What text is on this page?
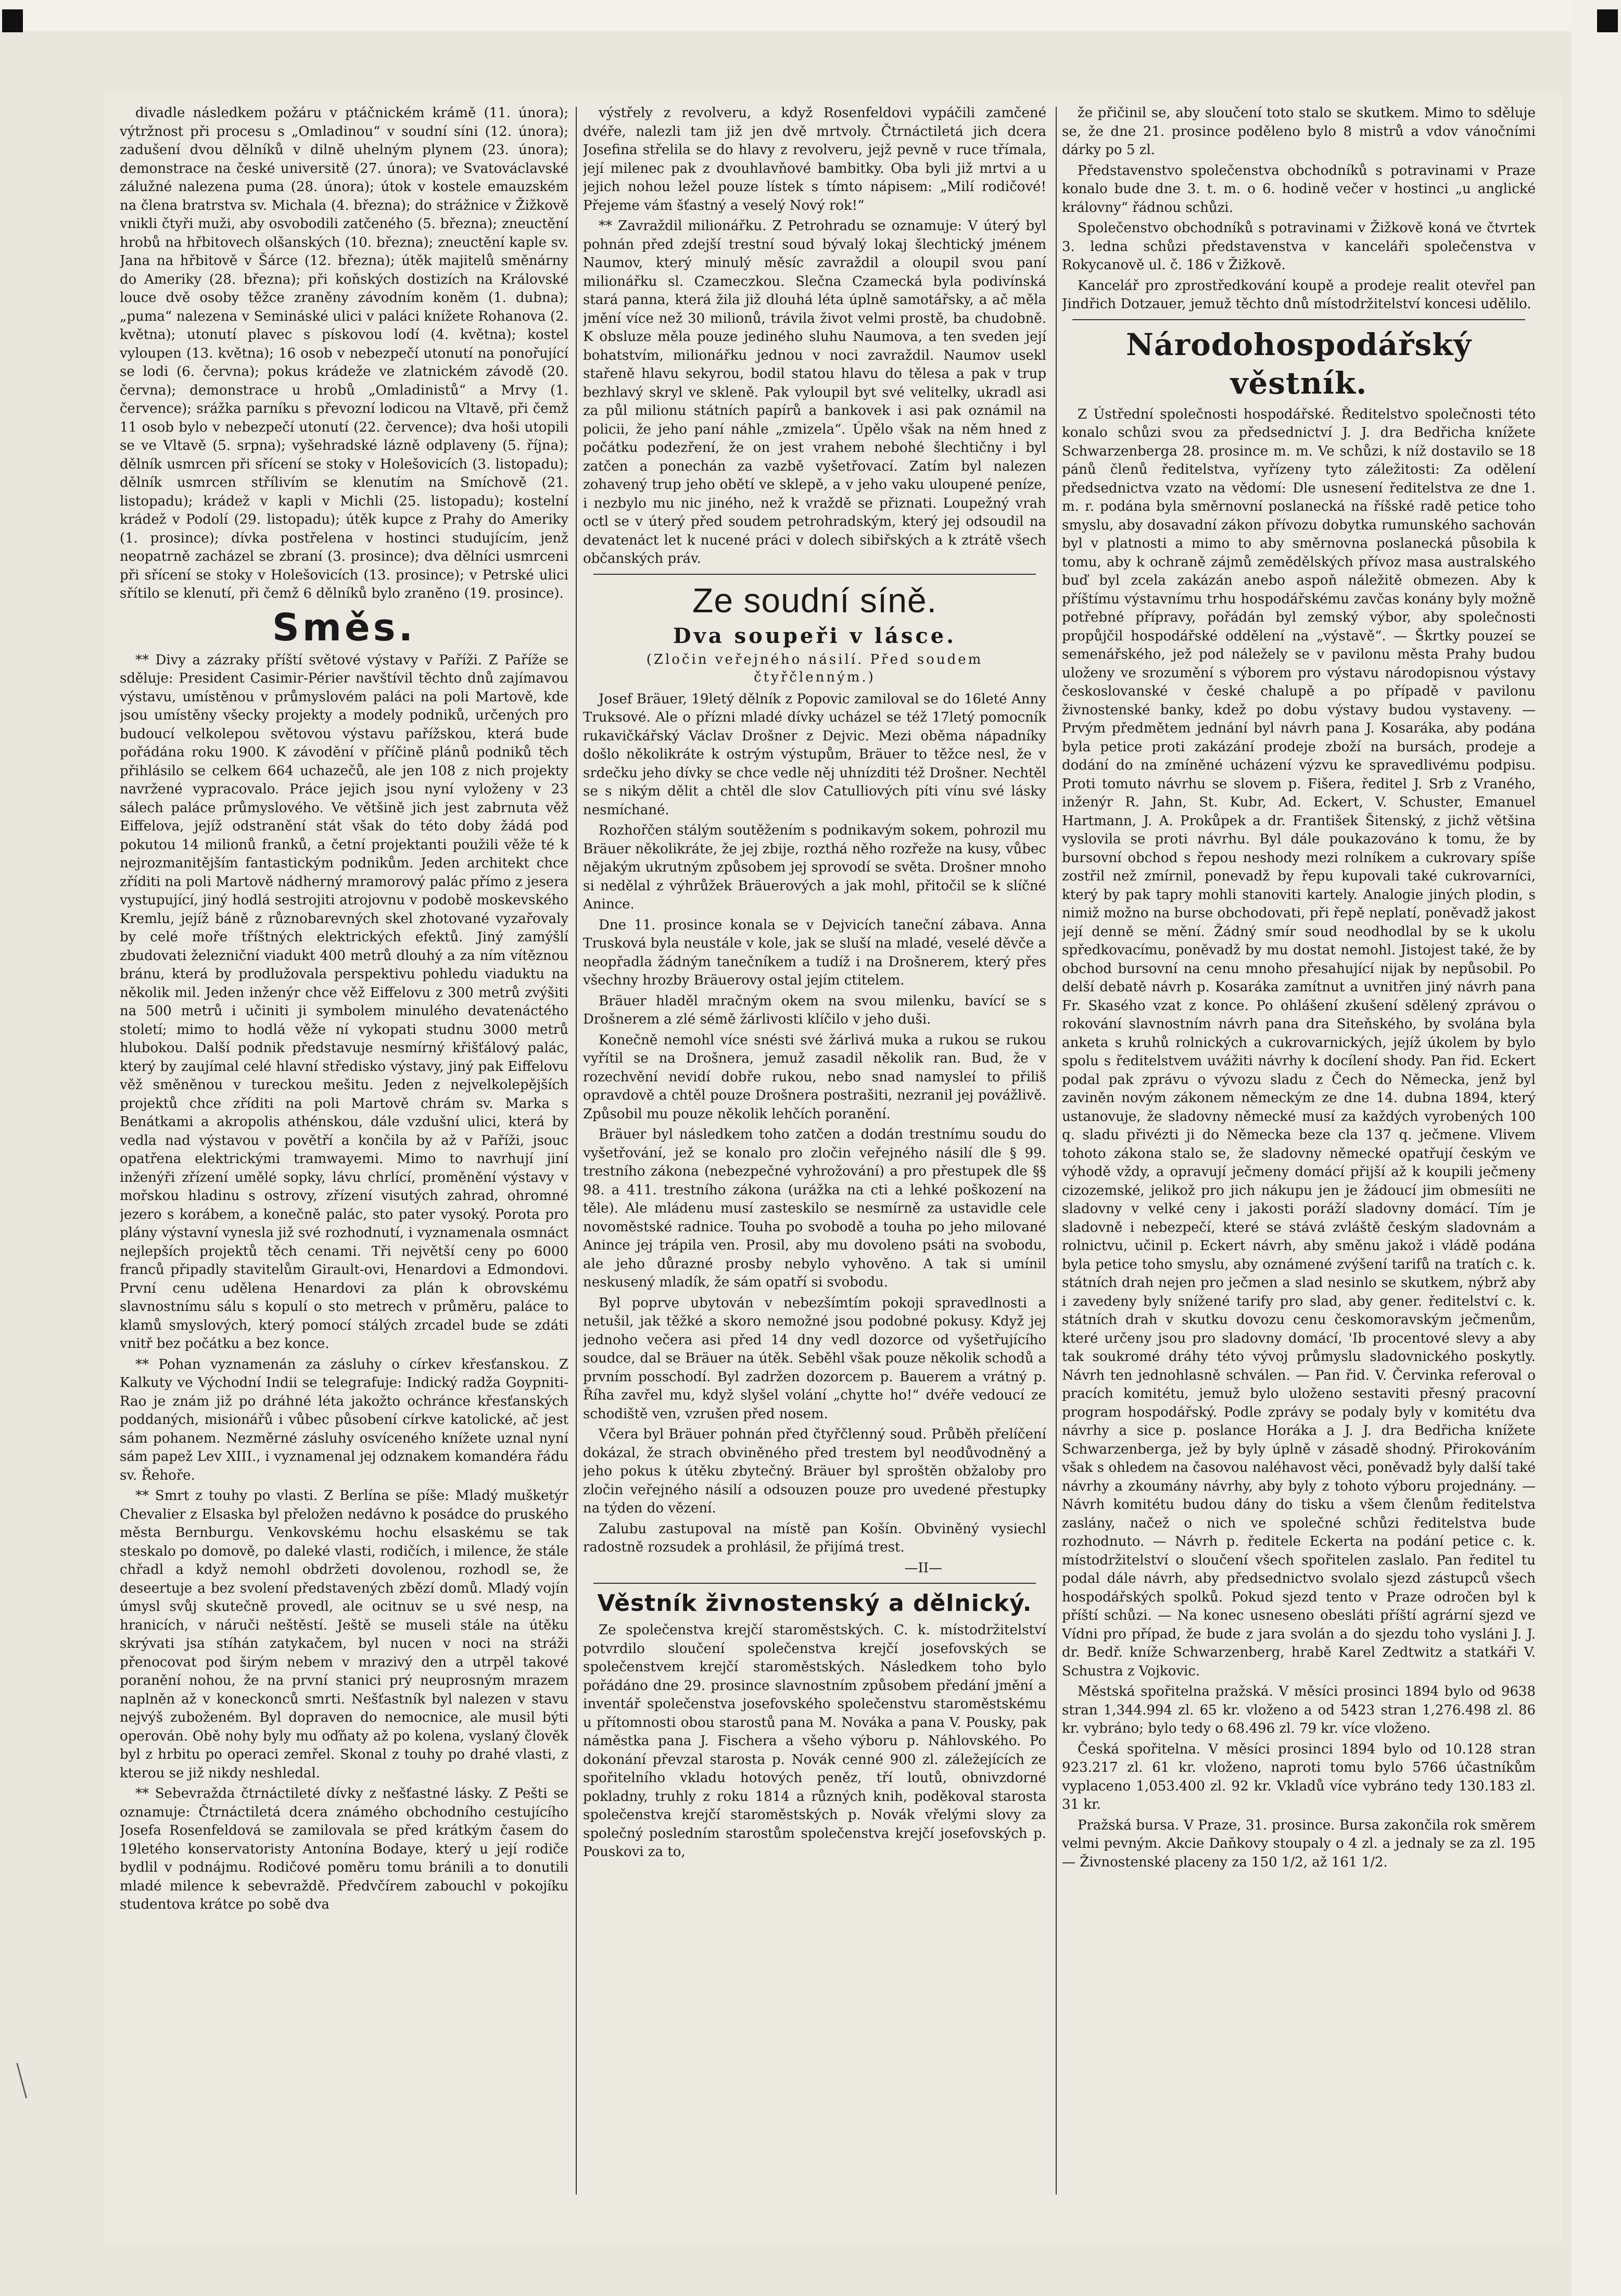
divadle následkem požáru v ptáčnickém krámě (11. února); výtržnost při procesu s „Omladinou“ v soudní síni (12. února); zadušení dvou dělníků v dilně uhelným plynem (23. února); demonstrace na české universitě (27. února); ve Svatováclavské zálužné nalezena puma (28. února); útok v kostele emauzském na člena bratrstva sv. Michala (4. března); do strážnice v Žižkově vnikli čtyři muži, aby osvobodili zatčeného (5. března); zneuctění hrobů na hřbitovech olšanských (10. března); zneuctění kaple sv. Jana na hřbitově v Šárce (12. března); útěk majitelů směnárny do Ameriky (28. března); při koňských dostizích na Královské louce dvě osoby těžce zraněny závodním koněm (1. dubna); „puma“ nalezena v Semináské ulici v paláci knížete Rohanova (2. května); utonutí plavec s pískovou lodí (4. května); kostel vyloupen (13. května); 16 osob v nebezpečí utonutí na ponořující se lodi (6. června); pokus krádeže ve zlatnickém závodě (20. června); demonstrace u hrobů „Omladinistů“ a Mrvy (1. července); srážka parníku s převozní lodicou na Vltavě, při čemž 11 osob bylo v nebezpečí utonutí (22. července); dva hoši utopili se ve Vltavě (5. srpna); vyšehradské lázně odplaveny (5. října); dělník usmrcen při sřícení se stoky v Holešovicích (3. listopadu); dělník usmrcen střílivím se klenutím na Smíchově (21. listopadu); krádež v kapli v Michli (25. listopadu); kostelní krádež v Podolí (29. listopadu); útěk kupce z Prahy do Ameriky (1. prosince); dívka postřelena v hostinci studujícím, jenž neopatrně zacházel se zbraní (3. prosince); dva dělníci usmrceni při sřícení se stoky v Holešovicích (13. prosince); v Petrské ulici sřítilo se klenutí, při čemž 6 dělníků bylo zraněno (19. prosince).

Směs.

** Divy a zázraky příští světové výstavy v Paříži. Z Paříže se sděluje: President Casimir-Périer navštívil těchto dnů zajímavou výstavu, umístěnou v průmyslovém paláci na poli Martově, kde jsou umístěny všecky projekty a modely podniků, určených pro budoucí velkolepou světovou výstavu pařížskou, která bude pořádána roku 1900. K závodění v příčině plánů podniků těch přihlásilo se celkem 664 uchazečů, ale jen 108 z nich projekty navržené vypracovalo. Práce jejich jsou nyní vyloženy v 23 sálech paláce průmyslového. Ve většině jich jest zabrnuta věž Eiffelova, jejíž odstranění stát však do této doby žádá pod pokutou 14 milionů franků, a četní projektanti použili věže té k nejrozmanitějším fantastickým podnikům. Jeden architekt chce zříditi na poli Martově nádherný mramorový palác přímo z jesera vystupující, jiný hodlá sestrojiti atrojovnu v podobě moskevského Kremlu, jejíž báně z různobarevných skel zhotované vyzařovaly by celé moře tříštných elektrických efektů. Jiný zamýšlí zbudovati železniční viadukt 400 metrů dlouhý a za ním vítěznou bránu, která by prodlužovala perspektivu pohledu viaduktu na několik mil. Jeden inženýr chce věž Eiffelovu z 300 metrů zvýšiti na 500 metrů i učiniti ji symbolem minulého devatenáctého století; mimo to hodlá věže ní vykopati studnu 3000 metrů hlubokou. Další podnik představuje nesmírný křišťálový palác, který by zaujímal celé hlavní středisko výstavy, jiný pak Eiffelovu věž směněnou v tureckou mešitu. Jeden z nejvelkolepějších projektů chce zříditi na poli Martově chrám sv. Marka s Benátkami a akropolis athénskou, dále vzdušní ulici, která by vedla nad výstavou v povětří a končila by až v Paříži, jsouc opatřena elektrickými tramwayemi. Mimo to navrhují jiní inženýři zřízení umělé sopky, lávu chrlící, proměnění výstavy v mořskou hladinu s ostrovy, zřízení visutých zahrad, ohromné jezero s korábem, a konečně palác, sto pater vysoký. Porota pro plány výstavní vynesla již své rozhodnutí, i vyznamenala osmnáct nejlepších projektů těch cenami. Tři největší ceny po 6000 franců připadly stavitelům Girault-ovi, Henardovi a Edmondovi. První cenu udělena Henardovi za plán k obrovskému slavnostnímu sálu s kopulí o sto metrech v průměru, paláce to klamů smyslových, který pomocí stálých zrcadel bude se zdáti vnitř bez počátku a bez konce.

** Pohan vyznamenán za zásluhy o církev křesťanskou. Z Kalkuty ve Východní Indii se telegrafuje: Indický radža Goypniti-Rao je znám již po dráhné léta jakožto ochránce křesťanských poddaných, misionářů i vůbec působení církve katolické, ač jest sám pohanem. Nezměrné zásluhy osvíceného knížete uznal nyní sám papež Lev XIII., i vyznamenal jej odznakem komandéra řádu sv. Řehoře.

** Smrt z touhy po vlasti. Z Berlína se píše: Mladý mušketýr Chevalier z Elsaska byl přeložen nedávno k posádce do pruského města Bernburgu. Venkovskému hochu elsaskému se tak steskalo po domově, po daleké vlasti, rodičích, i milence, že stále chřadl a když nemohl obdržeti dovolenou, rozhodl se, že deseertuje a bez svolení představených zbězí domů. Mladý vojín úmysl svůj skutečně provedl, ale ocitnuv se u své nesp, na hranicích, v náruči neštěstí. Ještě se museli stále na útěku skrývati jsa stíhán zatykačem, byl nucen v noci na stráži přenocovat pod širým nebem v mrazivý den a utrpěl takové poranění nohou, že na první stanici prý neuprosným mrazem naplněn až v koneckonců smrti. Nešťastník byl nalezen v stavu nejvýš zuboženém. Byl dopraven do nemocnice, ale musil býti operován. Obě nohy byly mu oďňaty až po kolena, vyslaný člověk byl z hrbitu po operaci zemřel. Skonal z touhy po drahé vlasti, z kterou se již nikdy neshledal.

** Sebevražda čtrnáctileté dívky z nešťastné lásky. Z Pešti se oznamuje: Čtrnáctiletá dcera známého obchodního cestujícího Josefa Rosenfeldová se zamilovala se před krátkým časem do 19letého konservatoristy Antonína Bodaye, který u její rodiče bydlil v podnájmu. Rodičové poměru tomu bránili a to donutili mladé milence k sebevraždě. Předvčírem zabouchl v pokojíku studentova krátce po sobě dva

výstřely z revolveru, a když Rosenfeldovi vypáčili zamčené dvéře, nalezli tam již jen dvě mrtvoly. Čtrnáctiletá jich dcera Josefina střelila se do hlavy z revolveru, jejž pevně v ruce třímala, její milenec pak z dvouhlavňové bambitky. Oba byli již mrtvi a u jejich nohou ležel pouze lístek s tímto nápisem: „Milí rodičové! Přejeme vám šťastný a veselý Nový rok!“

** Zavraždil milionářku. Z Petrohradu se oznamuje: V úterý byl pohnán před zdejší trestní soud bývalý lokaj šlechtický jménem Naumov, který minulý měsíc zavraždil a oloupil svou paní milionářku sl. Czameczkou. Slečna Czamecká byla podivínská stará panna, která žila již dlouhá léta úplně samotářsky, a ač měla jmění více než 30 milionů, trávila život velmi prostě, ba chudobně. K obsluze měla pouze jediného sluhu Naumova, a ten sveden její bohatstvím, milionářku jednou v noci zavraždil. Naumov usekl stařeně hlavu sekyrou, bodil statou hlavu do tělesa a pak v trup bezhlavý skryl ve skleně. Pak vyloupil byt své velitelky, ukradl asi za půl milionu státních papírů a bankovek i asi pak oznámil na policii, že jeho paní náhle „zmizela“. Úpělo však na něm hned z počátku podezření, že on jest vrahem nebohé šlechtičny i byl zatčen a ponechán za vazbě vyšetřovací. Zatím byl nalezen zohavený trup jeho obětí ve sklepě, a v jeho vaku uloupené peníze, i nezbylo mu nic jiného, než k vraždě se přiznati. Loupežný vrah octl se v úterý před soudem petrohradským, který jej odsoudil na devatenáct let k nucené práci v dolech sibiřských a k ztrátě všech občanských práv.

Ze soudní síně.
Dva soupeři v lásce.
(Zločin veřejného násilí. Před soudem čtyřčlenným.)

Josef Bräuer, 19letý dělník z Popovic zamiloval se do 16leté Anny Truksové. Ale o přízni mladé dívky ucházel se též 17letý pomocník rukavičkářský Václav Drošner z Dejvic. Mezi oběma nápadníky došlo několikráte k ostrým výstupům, Bräuer to těžce nesl, že v srdečku jeho dívky se chce vedle něj uhnízditi též Drošner. Nechtěl se s nikým dělit a chtěl dle slov Catulliových píti vínu své lásky nesmíchané.

Rozhořčen stálým soutěžením s podnikavým sokem, pohrozil mu Bräuer několikráte, že jej zbije, rozthá něho rozřeže na kusy, vůbec nějakým ukrutným způsobem jej sprovodí se světa. Drošner mnoho si nedělal z výhrůžek Bräuerových a jak mohl, přitočil se k slíčné Anince.

Dne 11. prosince konala se v Dejvicích taneční zábava. Anna Trusková byla neustále v kole, jak se sluší na mladé, veselé děvče a neopřadla žádným tanečníkem a tudíž i na Drošnerem, který přes všechny hrozby Bräuerovy ostal jejím ctitelem.

Bräuer hladěl mračným okem na svou milenku, bavící se s Drošnerem a zlé sémě žárlivosti klíčilo v jeho duši.

Konečně nemohl více snésti své žárlivá muka a rukou se rukou vyřítil se na Drošnera, jemuž zasadil několik ran. Bud, že v rozechvění nevidí dobře rukou, nebo snad namysleí to přiliš opravdově a chtěl pouze Drošnera postrašiti, nezranil jej povážlivě. Způsobil mu pouze několik lehčích poranění.

Bräuer byl následkem toho zatčen a dodán trestnímu soudu do vyšetřování, jež se konalo pro zločin veřejného násilí dle § 99. trestního zákona (nebezpečné vyhrožování) a pro přestupek dle §§ 98. a 411. trestního zákona (urážka na cti a lehké poškození na těle). Ale mládenu musí zasteskilo se nesmírně za ustavidle cele novoměstské radnice. Touha po svobodě a touha po jeho milované Anince jej trápila ven. Prosil, aby mu dovoleno psáti na svobodu, ale jeho důrazné prosby nebylo vyhověno. A tak si umínil neskusený mladík, že sám opatří si svobodu.

Byl poprve ubytován v nebezšímtím pokoji spravedlnosti a netušil, jak těžké a skoro nemožné jsou podobné pokusy. Když jej jednoho večera asi před 14 dny vedl dozorce od vyšetřujícího soudce, dal se Bräuer na útěk. Seběhl však pouze několik schodů a prvním posschodí. Byl zadržen dozorcem p. Bauerem a vrátný p. Říha zavřel mu, když slyšel volání „chytte ho!“ dvéře vedoucí ze schodiště ven, vzrušen před nosem.

Včera byl Bräuer pohnán před čtyřčlenný soud. Průběh přelíčení dokázal, že strach obviněného před trestem byl neodůvodněný a jeho pokus k útěku zbytečný. Bräuer byl sproštěn obžaloby pro zločin veřejného násilí a odsouzen pouze pro uvedené přestupky na týden do vězení.

Zalubu zastupoval na místě pan Košín. Obviněný vysiechl radostně rozsudek a prohlásil, že přijímá trest.

—II—
Věstník živnostenský a dělnický.

Ze společenstva krejčí staroměstských. C. k. místodržitelství potvrdilo sloučení společenstva krejčí josefovských se společenstvem krejčí staroměstských. Následkem toho bylo pořádáno dne 29. prosince slavnostním způsobem předání jmění a inventář společenstva josefovského společenstvu staroměstskému u přítomnosti obou starostů pana M. Nováka a pana V. Pousky, pak náměstka pana J. Fischera a všeho výboru p. Náhlovského. Po dokonání převzal starosta p. Novák cenné 900 zl. záležejících ze spořitelního vkladu hotových peněz, tří loutů, obnivzdorné pokladny, truhly z roku 1814 a různých knih, poděkoval starosta společenstva krejčí staroměstských p. Novák vřelými slovy za společný posledním starostům společenstva krejčí josefovských p. Pouskovi za to,

že přičinil se, aby sloučení toto stalo se skutkem. Mimo to sděluje se, že dne 21. prosince poděleno bylo 8 mistrů a vdov vánočními dárky po 5 zl.

Představenstvo společenstva obchodníků s potravinami v Praze konalo bude dne 3. t. m. o 6. hodině večer v hostinci „u anglické královny“ řádnou schůzi.

Společenstvo obchodníků s potravinami v Žižkově koná ve čtvrtek 3. ledna schůzi představenstva v kanceláři společenstva v Rokycanově ul. č. 186 v Žižkově.

Kancelář pro zprostředkování koupě a prodeje realit otevřel pan Jindřich Dotzauer, jemuž těchto dnů místodržitelství koncesi udělilo.

Národohospodářský věstník.

Z Ústřední společnosti hospodářské. Ředitelstvo společnosti této konalo schůzi svou za předsednictví J. J. dra Bedřicha knížete Schwarzenberga 28. prosince m. m. Ve schůzi, k níž dostavilo se 18 pánů členů ředitelstva, vyřízeny tyto záležitosti: Za odělení předsednictva vzato na vědomí: Dle usnesení ředitelstva ze dne 1. m. r. podána byla směrnovní poslanecká na říšské radě petice toho smyslu, aby dosavadní zákon přívozu dobytka rumunského sachován byl v platnosti a mimo to aby směrnovna poslanecká působila k tomu, aby k ochraně zájmů zemědělských přívoz masa australského buď byl zcela zakázán anebo aspoň náležitě obmezen. Aby k příštímu výstavnímu trhu hospodářskému zavčas konány byly možně potřebné přípravy, pořádán byl zemský výbor, aby společnosti propůjčil hospodářské oddělení na „výstavě“. — Škrtky pouzeí se semenářského, jež pod náležely se v pavilonu města Prahy budou uloženy ve srozumění s výborem pro výstavu národopisnou výstavy českoslovanské v české chalupě a po případě v pavilonu živnostenské banky, kdež po dobu výstavy budou vystaveny. — Prvým předmětem jednání byl návrh pana J. Kosaráka, aby podána byla petice proti zakázání prodeje zboží na bursách, prodeje a dodání do na zmíněné ucházení výzvu ke spravedlivému podpisu. Proti tomuto návrhu se slovem p. Fišera, ředitel J. Srb z Vraného, inženýr R. Jahn, St. Kubr, Ad. Eckert, V. Schuster, Emanuel Hartmann, J. A. Prokůpek a dr. František Šitenský, z jichž většina vyslovila se proti návrhu. Byl dále poukazováno k tomu, že by bursovní obchod s řepou neshody mezi rolníkem a cukrovary spíše zostřil než zmírnil, ponevadž by řepu kupovali také cukrovarníci, který by pak tapry mohli stanoviti kartely. Analogie jiných plodin, s nimiž možno na burse obchodovati, při řepě neplatí, poněvadž jakost její denně se mění. Žádný smír soud neodhodlal by se k ukolu spředkovacímu, poněvadž by mu dostat nemohl. Jistojest také, že by obchod bursovní na cenu mnoho přesahující nijak by nepůsobil. Po delší debatě návrh p. Kosaráka zamítnut a uvnitřen jiný návrh pana Fr. Skasého vzat z konce. Po ohlášení zkušení sdělený zprávou o rokování slavnostním návrh pana dra Siteňského, by svolána byla anketa s kruhů rolnických a cukrovarnických, jejíž úkolem by bylo spolu s ředitelstvem uvážiti návrhy k docílení shody. Pan řid. Eckert podal pak zprávu o vývozu sladu z Čech do Německa, jenž byl zaviněn novým zákonem německým ze dne 14. dubna 1894, který ustanovuje, že sladovny německé musí za každých vyrobených 100 q. sladu přivézti ji do Německa beze cla 137 q. ječmene. Vlivem tohoto zákona stalo se, že sladovny německé opatřují českým ve výhodě vždy, a opravují ječmeny domácí přijší až k koupili ječmeny cizozemské, jelikož pro jich nákupu jen je žádoucí jim obmesíiti ne sladovny v velké ceny i jakosti poráží sladovny domácí. Tím je sladovně i nebezpečí, které se stává zvláště českým sladovnám a rolnictvu, učinil p. Eckert návrh, aby směnu jakož i vládě podána byla petice toho smyslu, aby oznámené zvýšení tarifů na tratích c. k. státních drah nejen pro ječmen a slad nesinlo se skutkem, nýbrž aby i zavedeny byly snížené tarify pro slad, aby gener. ředitelství c. k. státních drah v skutku dovozu cenu českomoravským ječmenům, které určeny jsou pro sladovny domácí, 'Ib procentové slevy a aby tak soukromé dráhy této vývoj průmyslu sladovnického poskytly. Návrh ten jednohlasně schválen. — Pan řid. V. Červinka referoval o pracích komitétu, jemuž bylo uloženo sestaviti přesný pracovní program hospodářský. Podle zprávy se podaly byly v komitétu dva návrhy a sice p. poslance Horáka a J. J. dra Bedřicha knížete Schwarzenberga, jež by byly úplně v zásadě shodný. Přirokováním však s ohledem na časovou naléhavost věci, poněvadž byly další také návrhy a zkoumány návrhy, aby byly z tohoto výboru projednány. — Návrh komitétu budou dány do tisku a všem členům ředitelstva zaslány, načež o nich ve společné schůzi ředitelstva bude rozhodnuto. — Návrh p. ředitele Eckerta na podání petice c. k. místodržitelství o sloučení všech spořitelen zaslalo. Pan ředitel tu podal dále návrh, aby předsednictvo svolalo sjezd zástupců všech hospodářských spolků. Pokud sjezd tento v Praze odročen byl k příští schůzi. — Na konec usneseno obesláti příští agrární sjezd ve Vídni pro případ, že bude z jara svolán a do sjezdu toho vysláni J. J. dr. Bedř. kníže Schwarzenberg, hrabě Karel Zedtwitz a statkáři V. Schustra z Vojkovic.

Městská spořitelna pražská. V měsíci prosinci 1894 bylo od 9638 stran 1,344.994 zl. 65 kr. vloženo a od 5423 stran 1,276.498 zl. 86 kr. vybráno; bylo tedy o 68.496 zl. 79 kr. více vloženo.

Česká spořitelna. V měsíci prosinci 1894 bylo od 10.128 stran 923.217 zl. 61 kr. vloženo, naproti tomu bylo 5766 účastníkům vyplaceno 1,053.400 zl. 92 kr. Vkladů více vybráno tedy 130.183 zl. 31 kr.

Pražská bursa. V Praze, 31. prosince. Bursa zakončila rok směrem velmi pevným. Akcie Daňkovy stoupaly o 4 zl. a jednaly se za zl. 195 — Živnostenské placeny za 150 1/2, až 161 1/2.
